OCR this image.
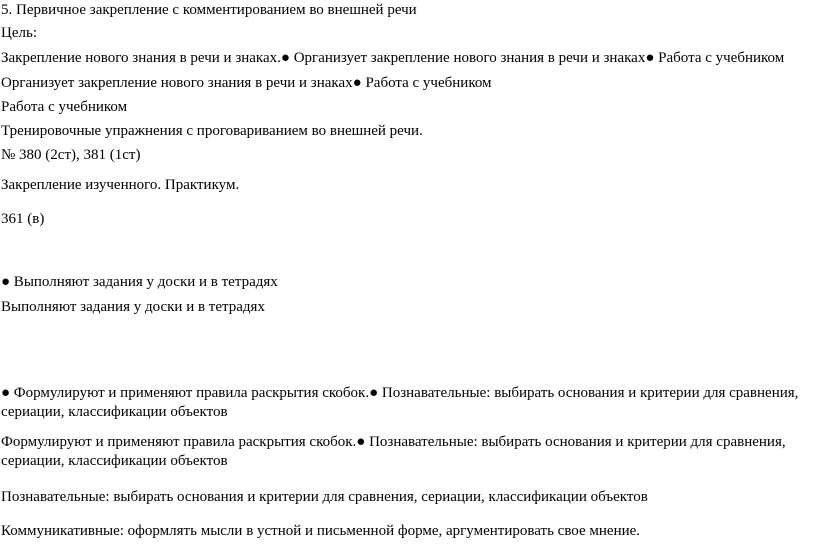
5. Первичное закрепление с комментированием во внешней речи
Цель:
Закрепление нового знания в речи и знаках.● Организует закрепление нового знания в речи и знаках● Работа с учебником
Организует закрепление нового знания в речи и знаках● Работа с учебником
Работа с учебником
Тренировочные упражнения с проговариванием во внешней речи.
№ 380 (2ст), 381 (1ст)
Закрепление изученного. Практикум.
361 (в)
● Выполняют задания у доски и в тетрадях
Выполняют задания у доски и в тетрадях
● Формулируют и применяют правила раскрытия скобок.● Познавательные: выбирать основания и критерии для сравнения, сериации, классификации объектов
Формулируют и применяют правила раскрытия скобок.● Познавательные: выбирать основания и критерии для сравнения, сериации, классификации объектов
Познавательные: выбирать основания и критерии для сравнения, сериации, классификации объектов
Коммуникативные: оформлять мысли в устной и письменной форме, аргументировать свое мнение.
